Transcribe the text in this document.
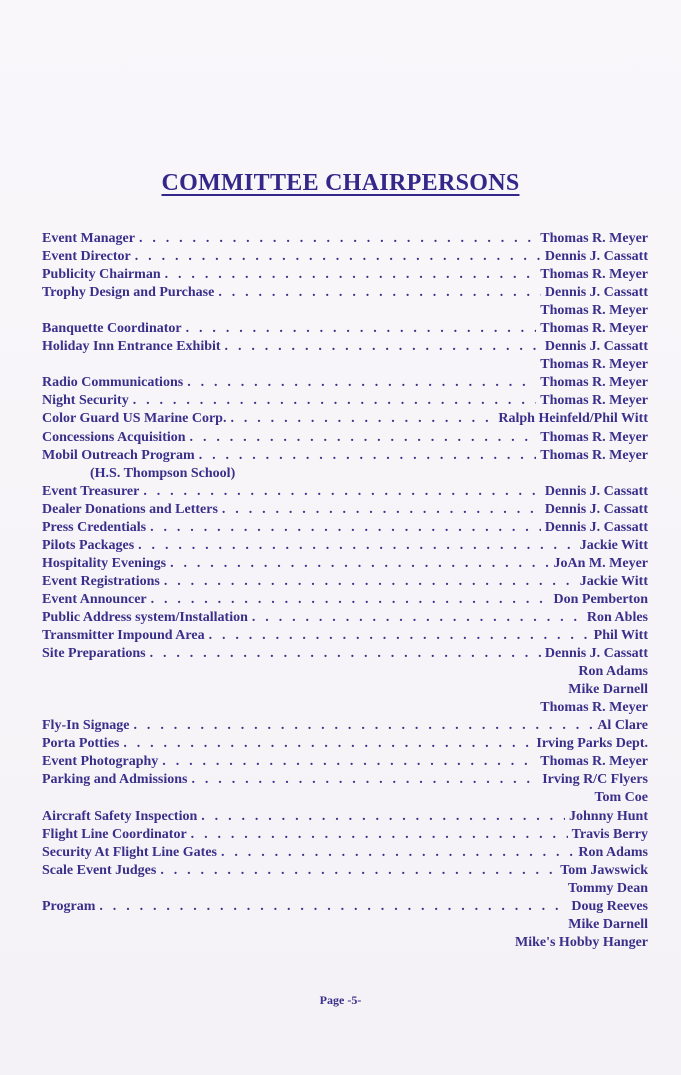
COMMITTEE CHAIRPERSONS
Event Manager . . .	Thomas R. Meyer
Event Director . . .	Dennis J. Cassatt
Publicity Chairman . . .	Thomas R. Meyer
Trophy Design and Purchase . . .	Dennis J. Cassatt
Thomas R. Meyer
Banquette Coordinator . . .	Thomas R. Meyer
Holiday Inn Entrance Exhibit . . .	Dennis J. Cassatt
Thomas R. Meyer
Radio Communications . . .	Thomas R. Meyer
Night Security . . .	Thomas R. Meyer
Color Guard US Marine Corp. . . .	Ralph Heinfeld/Phil Witt
Concessions Acquisition . . .	Thomas R. Meyer
Mobil Outreach Program . . .	Thomas R. Meyer
(H.S. Thompson School)
Event Treasurer . . .	Dennis J. Cassatt
Dealer Donations and Letters . . .	Dennis J. Cassatt
Press Credentials . . .	Dennis J. Cassatt
Pilots Packages . . .	Jackie Witt
Hospitality Evenings . . .	JoAn M. Meyer
Event Registrations . . .	Jackie Witt
Event Announcer . . .	Don Pemberton
Public Address system/Installation . . .	Ron Ables
Transmitter Impound Area . . .	Phil Witt
Site Preparations . . .	Dennis J. Cassatt
Ron Adams
Mike Darnell
Thomas R. Meyer
Fly-In Signage . . .	Al Clare
Porta Potties . . .	Irving Parks Dept.
Event Photography . . .	Thomas R. Meyer
Parking and Admissions . . .	Irving R/C Flyers
Tom Coe
Aircraft Safety Inspection . . .	Johnny Hunt
Flight Line Coordinator . . .	Travis Berry
Security At Flight Line Gates . . .	Ron Adams
Scale Event Judges . . .	Tom Jawswick
Tommy Dean
Program . . .	Doug Reeves
Mike Darnell
Mike's Hobby Hanger
Page -5-
